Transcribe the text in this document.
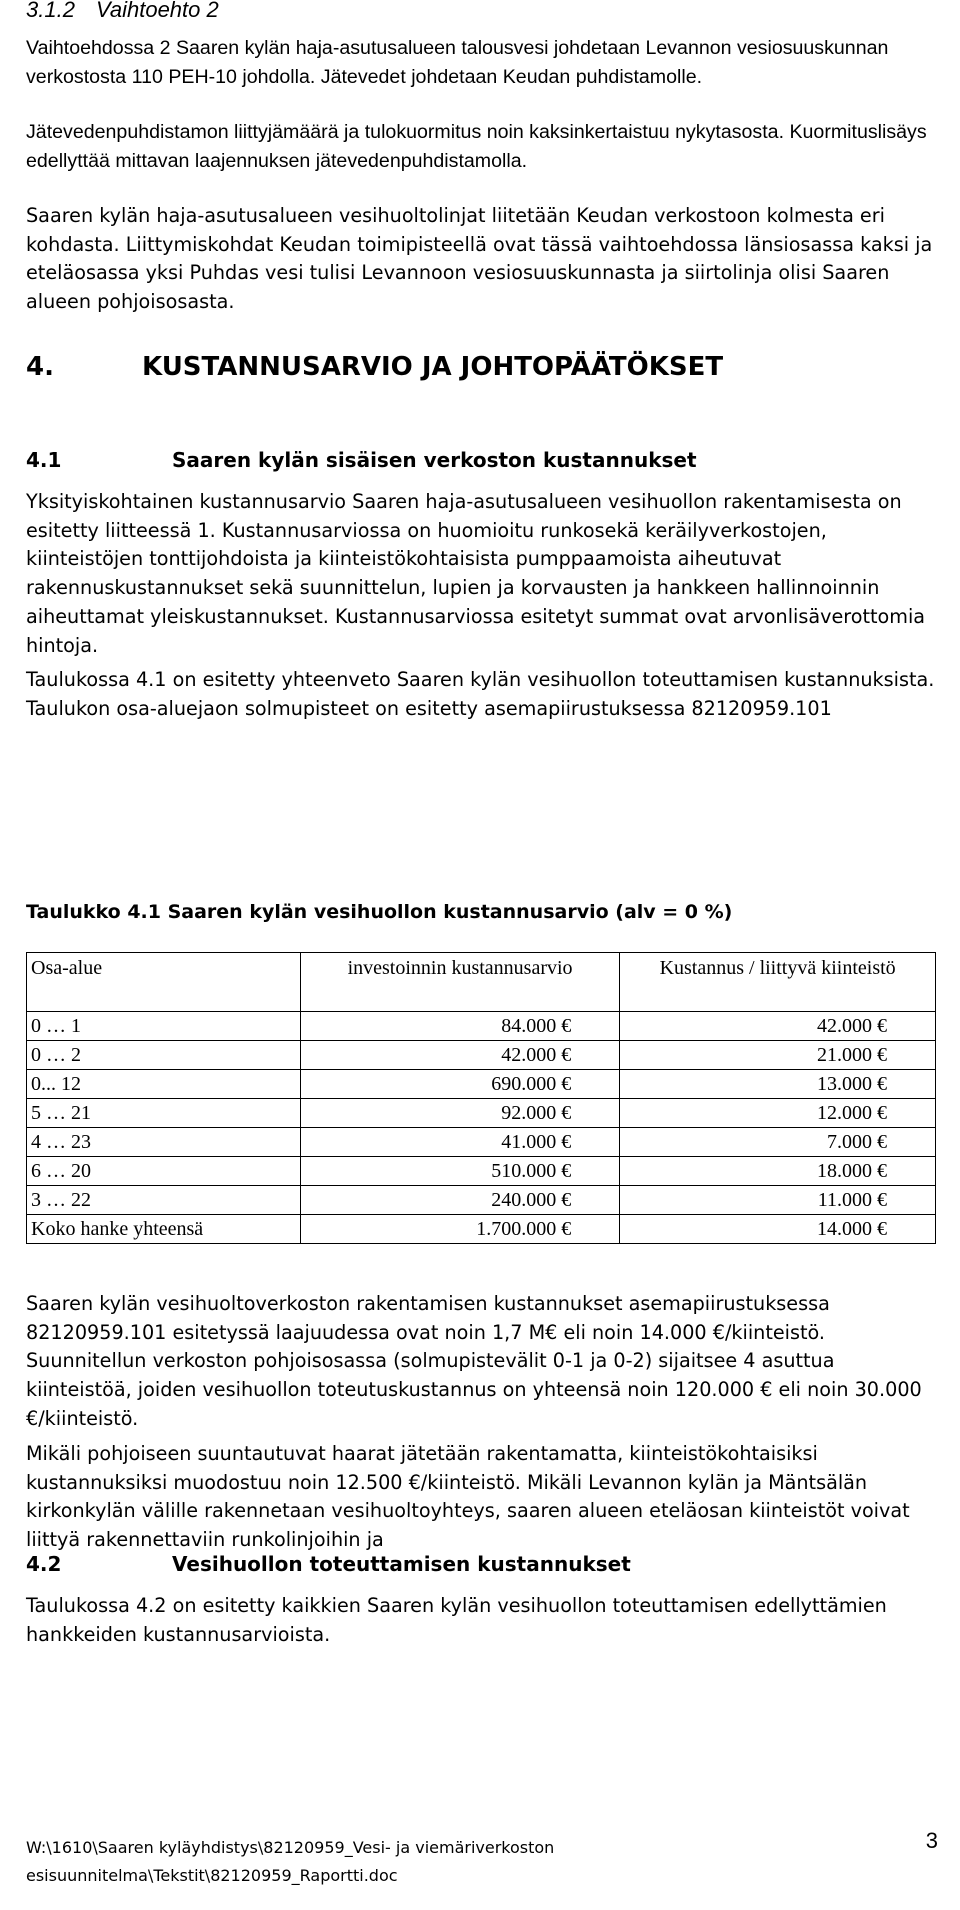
3.1.2 Vaihtoehto 2

Vaihtoehdossa 2 Saaren kylän haja-asutusalueen talousvesi johdetaan Levannon vesiosuuskunnan verkostosta 110 PEH-10 johdolla. Jätevedet johdetaan Keudan puhdistamolle.

Jätevedenpuhdistamon liittyjämäärä ja tulokuormitus noin kaksinkertaistuu nykytasosta. Kuormituslisäys edellyttää mittavan laajennuksen jätevedenpuhdistamolla.

Saaren kylän haja-asutusalueen vesihuoltolinjat liitetään Keudan verkostoon kolmesta eri kohdasta. Liittymiskohdat Keudan toimipisteellä ovat tässä vaihtoehdossa länsiosassa kaksi ja eteläosassa yksi Puhdas vesi tulisi Levannoon vesiosuuskunnasta ja siirtolinja olisi Saaren alueen pohjoisosasta.

4.	KUSTANNUSARVIO JA JOHTOPÄÄTÖKSET
4.1	Saaren kylän sisäisen verkoston kustannukset

Yksityiskohtainen kustannusarvio Saaren haja-asutusalueen vesihuollon rakentamisesta on esitetty liitteessä 1. Kustannusarviossa on huomioitu runkosekä keräilyverkostojen, kiinteistöjen tonttijohdoista ja kiinteistökohtaisista pumppaamoista aiheutuvat rakennuskustannukset sekä suunnittelun, lupien ja korvausten ja hankkeen hallinnoinnin aiheuttamat yleiskustannukset. Kustannusarviossa esitetyt summat ovat arvonlisäverottomia hintoja.

Taulukossa 4.1 on esitetty yhteenveto Saaren kylän vesihuollon toteuttamisen kustannuksista. Taulukon osa-aluejaon solmupisteet on esitetty asemapiirustuksessa 82120959.101

Taulukko 4.1 Saaren kylän vesihuollon kustannusarvio (alv = 0 %)
Osa-alue	investoinnin kustannusarvio	Kustannus / liittyvä kiinteistö
0 … 1	84.000 €	42.000 €
0 … 2	42.000 €	21.000 €
0... 12	690.000 €	13.000 €
5 … 21	92.000 €	12.000 €
4 … 23	41.000 €	7.000 €
6 … 20	510.000 €	18.000 €
3 … 22	240.000 €	11.000 €
Koko hanke yhteensä	1.700.000 €	14.000 €

Saaren kylän vesihuoltoverkoston rakentamisen kustannukset asemapiirustuksessa 82120959.101 esitetyssä laajuudessa ovat noin 1,7 M€ eli noin 14.000 €/kiinteistö. Suunnitellun verkoston pohjoisosassa (solmupistevälit 0-1 ja 0-2) sijaitsee 4 asuttua kiinteistöä, joiden vesihuollon toteutuskustannus on yhteensä noin 120.000 € eli noin 30.000 €/kiinteistö.

Mikäli pohjoiseen suuntautuvat haarat jätetään rakentamatta, kiinteistökohtaisiksi kustannuksiksi muodostuu noin 12.500 €/kiinteistö. Mikäli Levannon kylän ja Mäntsälän kirkonkylän välille rakennetaan vesihuoltoyhteys, saaren alueen eteläosan kiinteistöt voivat liittyä rakennettaviin runkolinjoihin ja

4.2	Vesihuollon toteuttamisen kustannukset

Taulukossa 4.2 on esitetty kaikkien Saaren kylän vesihuollon toteuttamisen edellyttämien hankkeiden kustannusarvioista.

W:\1610\Saaren kyläyhdistys\82120959_Vesi- ja viemäriverkoston esisuunnitelma\Tekstit\82120959_Raportti.doc
3
